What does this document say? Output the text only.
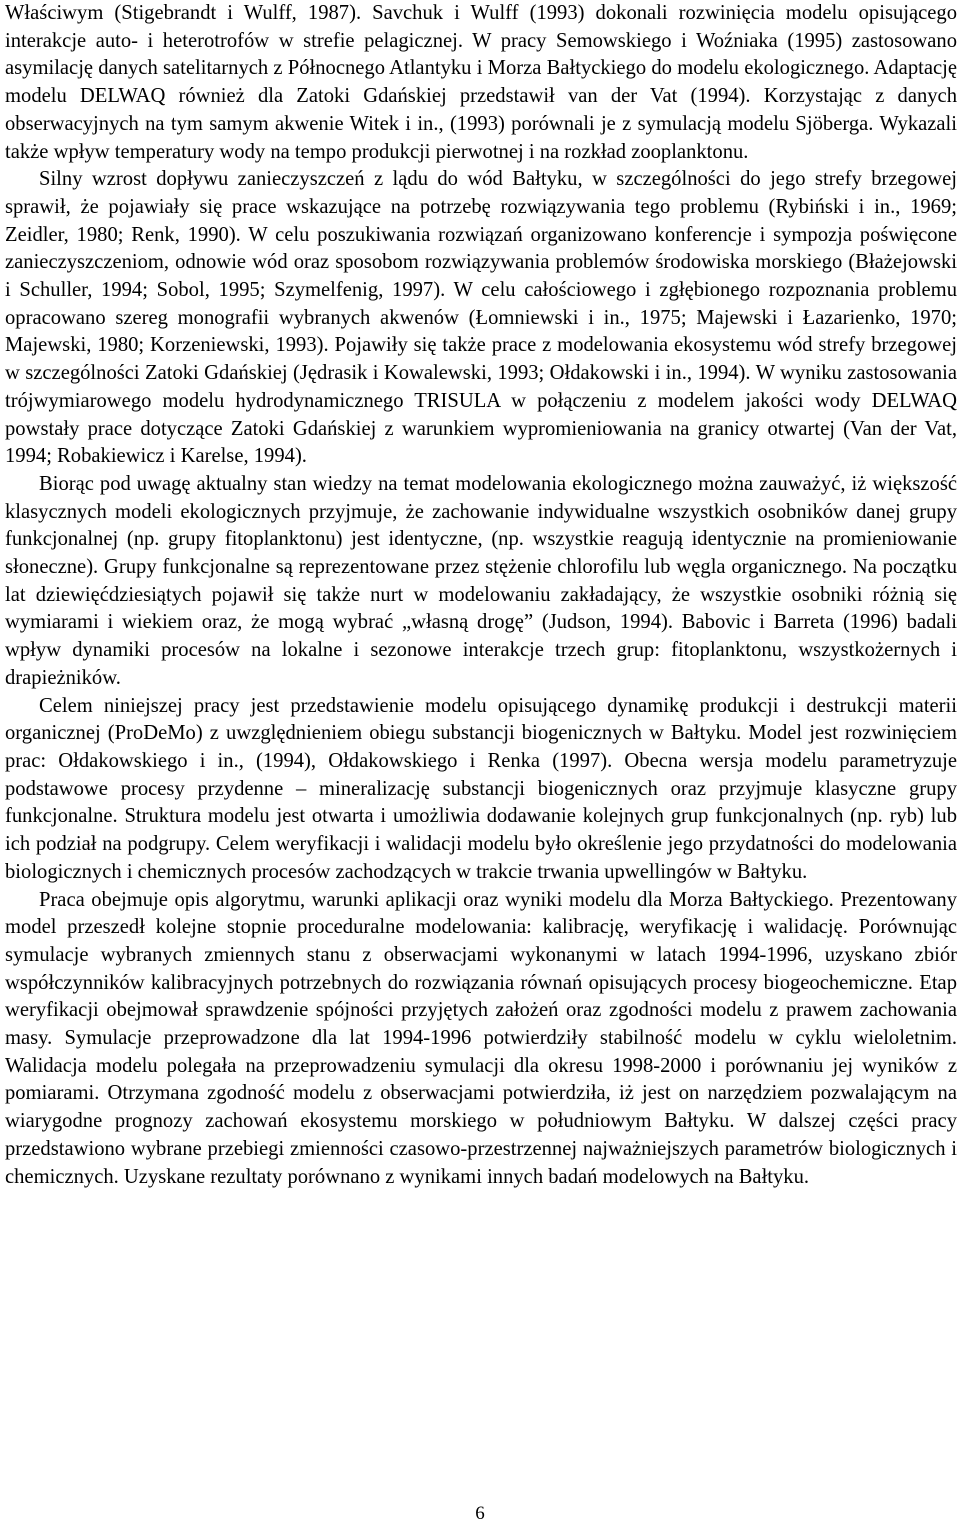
Właściwym (Stigebrandt i Wulff, 1987). Savchuk i Wulff (1993) dokonali rozwinięcia modelu opisującego interakcje auto- i heterotrofów w strefie pelagicznej. W pracy Semowskiego i Woźniaka (1995) zastosowano asymilację danych satelitarnych z Północnego Atlantyku i Morza Bałtyckiego do modelu ekologicznego. Adaptację modelu DELWAQ również dla Zatoki Gdańskiej przedstawił van der Vat (1994). Korzystając z danych obserwacyjnych na tym samym akwenie Witek i in., (1993) porównali je z symulacją modelu Sjöberga. Wykazali także wpływ temperatury wody na tempo produkcji pierwotnej i na rozkład zooplanktonu.

Silny wzrost dopływu zanieczyszczeń z lądu do wód Bałtyku, w szczególności do jego strefy brzegowej sprawił, że pojawiały się prace wskazujące na potrzebę rozwiązywania tego problemu (Rybiński i in., 1969; Zeidler, 1980; Renk, 1990). W celu poszukiwania rozwiązań organizowano konferencje i sympozja poświęcone zanieczyszczeniom, odnowie wód oraz sposobom rozwiązywania problemów środowiska morskiego (Błażejowski i Schuller, 1994; Sobol, 1995; Szymelfenig, 1997). W celu całościowego i zgłębionego rozpoznania problemu opracowano szereg monografii wybranych akwenów (Łomniewski i in., 1975; Majewski i Łazarienko, 1970; Majewski, 1980; Korzeniewski, 1993). Pojawiły się także prace z modelowania ekosystemu wód strefy brzegowej w szczególności Zatoki Gdańskiej (Jędrasik i Kowalewski, 1993; Ołdakowski i in., 1994). W wyniku zastosowania trójwymiarowego modelu hydrodynamicznego TRISULA w połączeniu z modelem jakości wody DELWAQ powstały prace dotyczące Zatoki Gdańskiej z warunkiem wypromieniowania na granicy otwartej (Van der Vat, 1994; Robakiewicz i Karelse, 1994).

Biorąc pod uwagę aktualny stan wiedzy na temat modelowania ekologicznego można zauważyć, iż większość klasycznych modeli ekologicznych przyjmuje, że zachowanie indywidualne wszystkich osobników danej grupy funkcjonalnej (np. grupy fitoplanktonu) jest identyczne, (np. wszystkie reagują identycznie na promieniowanie słoneczne). Grupy funkcjonalne są reprezentowane przez stężenie chlorofilu lub węgla organicznego. Na początku lat dziewięćdziesiątych pojawił się także nurt w modelowaniu zakładający, że wszystkie osobniki różnią się wymiarami i wiekiem oraz, że mogą wybrać „własną drogę” (Judson, 1994). Babovic i Barreta (1996) badali wpływ dynamiki procesów na lokalne i sezonowe interakcje trzech grup: fitoplanktonu, wszystkożernych i drapieżników.

Celem niniejszej pracy jest przedstawienie modelu opisującego dynamikę produkcji i destrukcji materii organicznej (ProDeMo) z uwzględnieniem obiegu substancji biogenicznych w Bałtyku. Model jest rozwinięciem prac: Ołdakowskiego i in., (1994), Ołdakowskiego i Renka (1997). Obecna wersja modelu parametryzuje podstawowe procesy przydenne – mineralizację substancji biogenicznych oraz przyjmuje klasyczne grupy funkcjonalne. Struktura modelu jest otwarta i umożliwia dodawanie kolejnych grup funkcjonalnych (np. ryb) lub ich podział na podgrupy. Celem weryfikacji i walidacji modelu było określenie jego przydatności do modelowania biologicznych i chemicznych procesów zachodzących w trakcie trwania upwellingów w Bałtyku.

Praca obejmuje opis algorytmu, warunki aplikacji oraz wyniki modelu dla Morza Bałtyckiego. Prezentowany model przeszedł kolejne stopnie proceduralne modelowania: kalibrację, weryfikację i walidację. Porównując symulacje wybranych zmiennych stanu z obserwacjami wykonanymi w latach 1994-1996, uzyskano zbiór współczynników kalibracyjnych potrzebnych do rozwiązania równań opisujących procesy biogeochemiczne. Etap weryfikacji obejmował sprawdzenie spójności przyjętych założeń oraz zgodności modelu z prawem zachowania masy. Symulacje przeprowadzone dla lat 1994-1996 potwierdziły stabilność modelu w cyklu wieloletnim. Walidacja modelu polegała na przeprowadzeniu symulacji dla okresu 1998-2000 i porównaniu jej wyników z pomiarami. Otrzymana zgodność modelu z obserwacjami potwierdziła, iż jest on narzędziem pozwalającym na wiarygodne prognozy zachowań ekosystemu morskiego w południowym Bałtyku. W dalszej części pracy przedstawiono wybrane przebiegi zmienności czasowo-przestrzennej najważniejszych parametrów biologicznych i chemicznych. Uzyskane rezultaty porównano z wynikami innych badań modelowych na Bałtyku.

6
